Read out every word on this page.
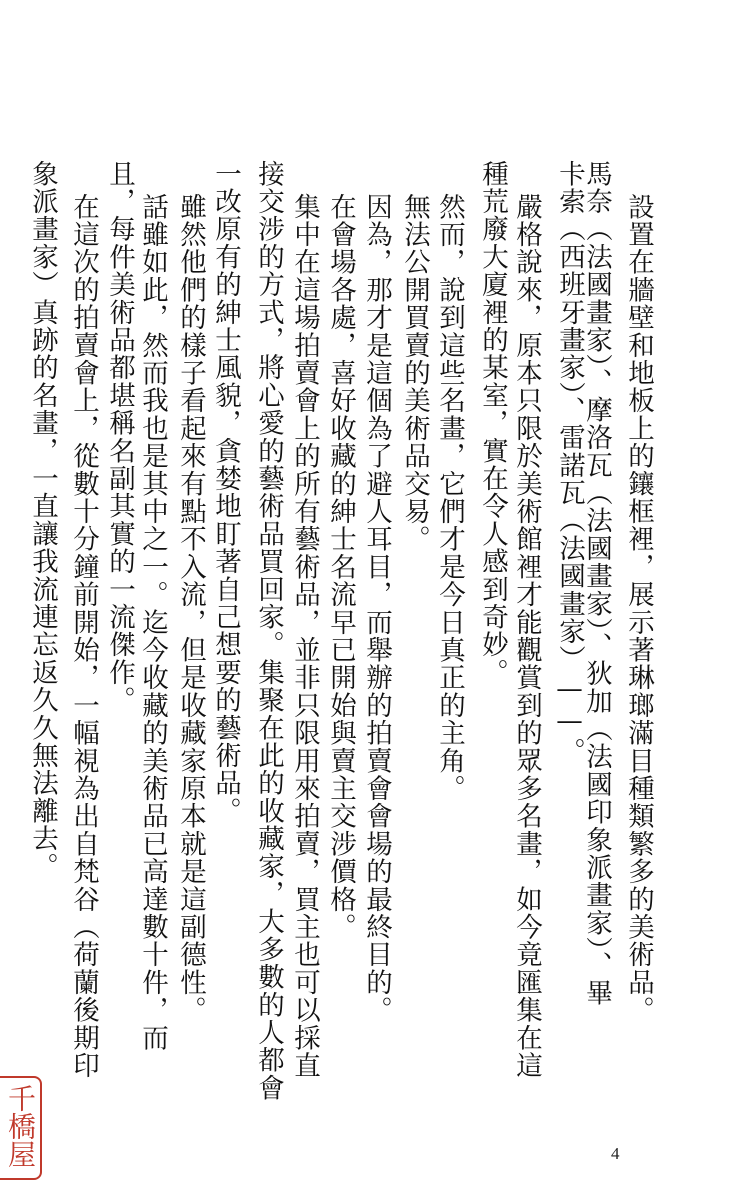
設置在牆壁和地板上的鑲框裡，展示著琳瑯滿目種類繁多的美術品。
馬奈（法國畫家）、摩洛瓦（法國畫家）、狄加（法國印象派畫家）、畢
卡索（西班牙畫家）、雷諾瓦（法國畫家）——。
嚴格說來，原本只限於美術館裡才能觀賞到的眾多名畫，如今竟匯集在這
種荒廢大廈裡的某室，實在令人感到奇妙。
然而，說到這些名畫，它們才是今日真正的主角。
無法公開買賣的美術品交易。
因為，那才是這個為了避人耳目，而舉辦的拍賣會會場的最終目的。
在會場各處，喜好收藏的紳士名流早已開始與賣主交涉價格。
集中在這場拍賣會上的所有藝術品，並非只限用來拍賣，買主也可以採直
接交涉的方式，將心愛的藝術品買回家。集聚在此的收藏家，大多數的人都會
一改原有的紳士風貌，貪婪地盯著自己想要的藝術品。
雖然他們的樣子看起來有點不入流，但是收藏家原本就是這副德性。
話雖如此，然而我也是其中之一。迄今收藏的美術品已高達數十件，而
且，每件美術品都堪稱名副其實的一流傑作。
在這次的拍賣會上，從數十分鐘前開始，一幅視為出自梵谷（荷蘭後期印
象派畫家）真跡的名畫，一直讓我流連忘返久久無法離去。
4
千橋屋
